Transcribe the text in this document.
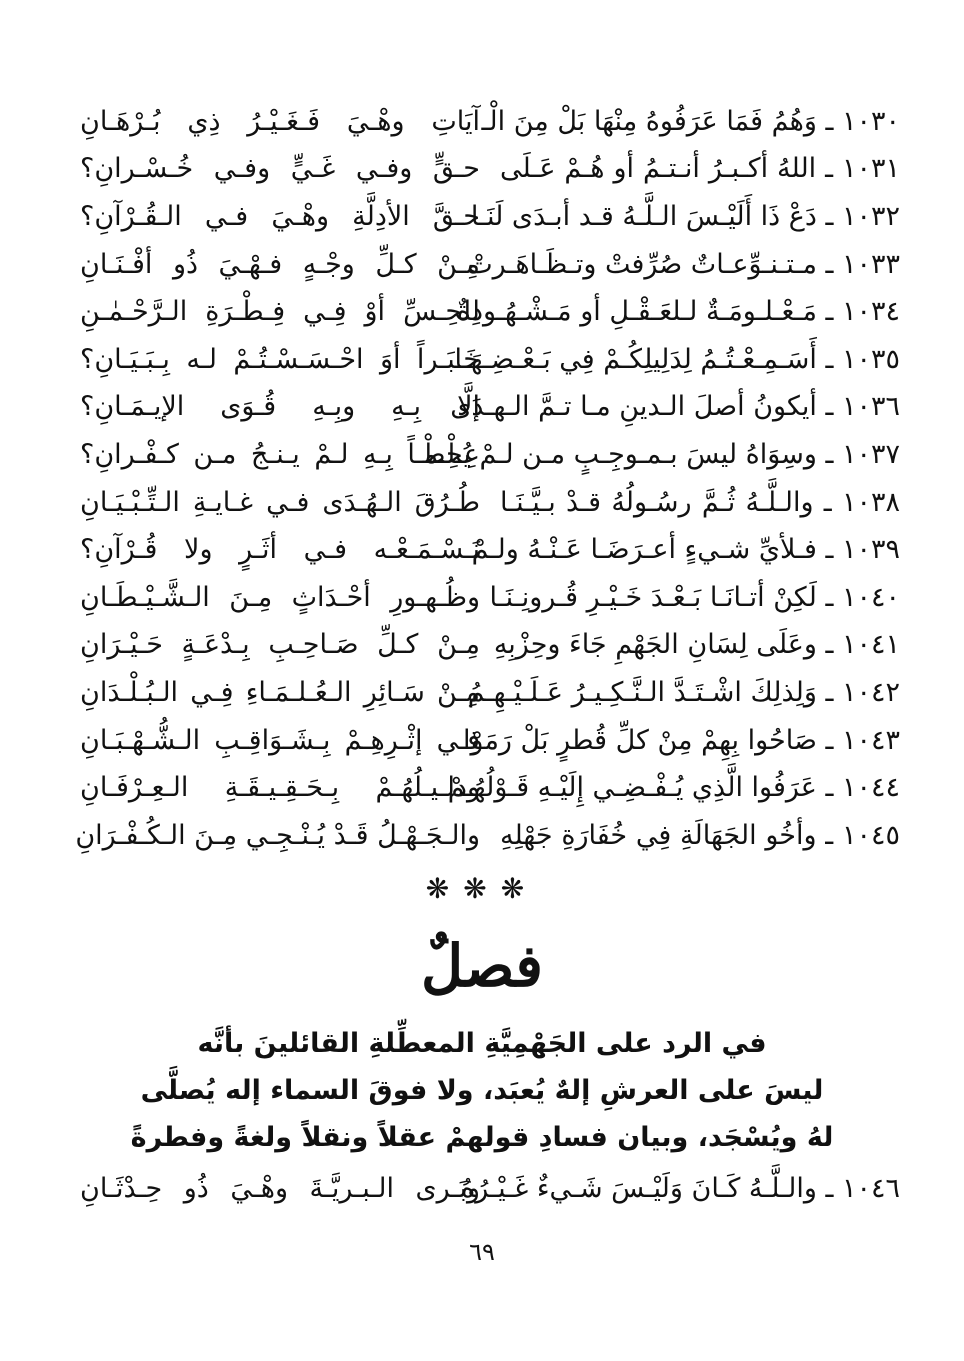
١٠٣٠ ـ وَهُمُ فَمَا عَرَفُوهُ مِنْهَا بَلْ مِنَ الْـ
آيَاتِ وهْـيَ فَـغَـيْـرُ ذِي بُـرْهَـانِ
١٠٣١ ـ اللهُ أكـبـرُ أنـتـمُ أو هُـمْ عَـلَى
حـقٍّ وفـي غَـيٍّ وفـي خُـسْـرانِ؟
١٠٣٢ ـ دَعْ ذَا أَلَيْـسَ الـلَّـهُ قـد أبـدَى لَنَـا
حـقَّ الأدِلَّةِ وهْـيَ فـي الـقُـرْآنِ؟
١٠٣٣ ـ مـتـنـوِّعـاتٌ صُرِّفتْ وتـظَـاهَـرتْ
مِـنْ كـلِّ وجْـهٍ فـهْـيَ ذُو أفْـنَـانِ
١٠٣٤ ـ مَـعْـلـومَـةٌ لـلعَـقْـلِ أو مَـشْـهُـودةٌ
لِلحِـسِّ أوْ فِـي فِـطْـرَةِ الـرَّحْـمٰـنِ
١٠٣٥ ـ أَسَـمِـعْـتُـمُ لِدَلِيلِكُـمْ فِي بَـعْـضِـهَـا
خَـبَـراً أوَ احْـسَـسْـتُـمْ لـه بِـبَـيَـانِ؟
١٠٣٦ ـ أيكونُ أصلَ الـدينِ مـا تـمَّ الـهـدَى
إلَّا بِـهِ وبِـهِ قُـوَى الإيـمَـانِ؟
١٠٣٧ ـ وسِوَاهُ ليسَ بـمـوجِـبٍ مـن لـمْ يُحِطْ
عِـلْـمـاً بِـهِ لـمْ يـنـجُ مـن كـفْـرانِ؟
١٠٣٨ ـ والـلَّـهُ ثُـمَّ رسُـولُهُ قـدْ بـيَّـنَـا
طُـرُقَ الـهُـدَى فـي غـايـةِ الـتِّـبْـيَـانِ
١٠٣٩ ـ فـلأيِّ شـيءٍ أعـرَضَـا عَـنْـهُ ولـمْ
نَـسْـمَـعْـه فـي أثَـرٍ ولا قُـرْآنِ؟
١٠٤٠ ـ لَكِنْ أتـانَـا بَـعْـدَ خَـيْـرِ قُـرونِـنَـا
وظُـهـورِ أحْـدَاثٍ مِـنَ الـشَّـيْـطَـانِ
١٠٤١ ـ وعَلَى لِسَانِ الجَهْمِ جَاءَ وحِزْبِهِ
مِـنْ كـلِّ صَـاحِـبِ بِـدْعَـةٍ حَـيْـرَانِ
١٠٤٢ ـ وَلِذلِكَ اشْـتَـدَّ الـنَّـكِـيـرُ عَـلَـيْـهِـمُ
مِـنْ سَـائِرِ الـعُـلـمَـاءِ فِـي الـبُـلْـدَانِ
١٠٤٣ ـ صَاحُوا بِهِمْ مِنْ كلِّ قُطرٍ بَلْ رَمَوْا
فِـي إثْـرِهِـمْ بِـشَـوَاقِـبِ الـشُّـهْـبَـانِ
١٠٤٤ ـ عَرَفُوا الَّذِي يُـفْـضِـي إِلَيْـهِ قَـوْلُهُـمْ
ودلـيـلُهُـمْ بِـحَـقِـيـقَـةِ الـعِـرْفَـانِ
١٠٤٥ ـ وأخُو الجَهَالَةِ فِي خُفَارَةِ جَهْلِهِ
والـجَـهْـلُ قَـدْ يُـنْـجِـي مِـنَ الـكُـفْـرَانِ
❋❋❋
فصلٌ
في الرد على الجَهْمِيَّةِ المعطِّلةِ القائلينَ بأنَّه
ليسَ على العرشِ إلهٌ يُعبَد، ولا فوقَ السماء إله يُصلَّى
لهُ ويُسْجَد، وبيان فسادِ قولهمْ عقلاً ونقلاً ولغةً وفطرةً
١٠٤٦ ـ والـلَّـهُ كَـانَ وَلَيْـسَ شَـيءٌ غَـيْـرُهُ
وبَـرى الـبـريَّـةَ وهْـيَ ذُو حِـدْثَـانِ
٦٩
